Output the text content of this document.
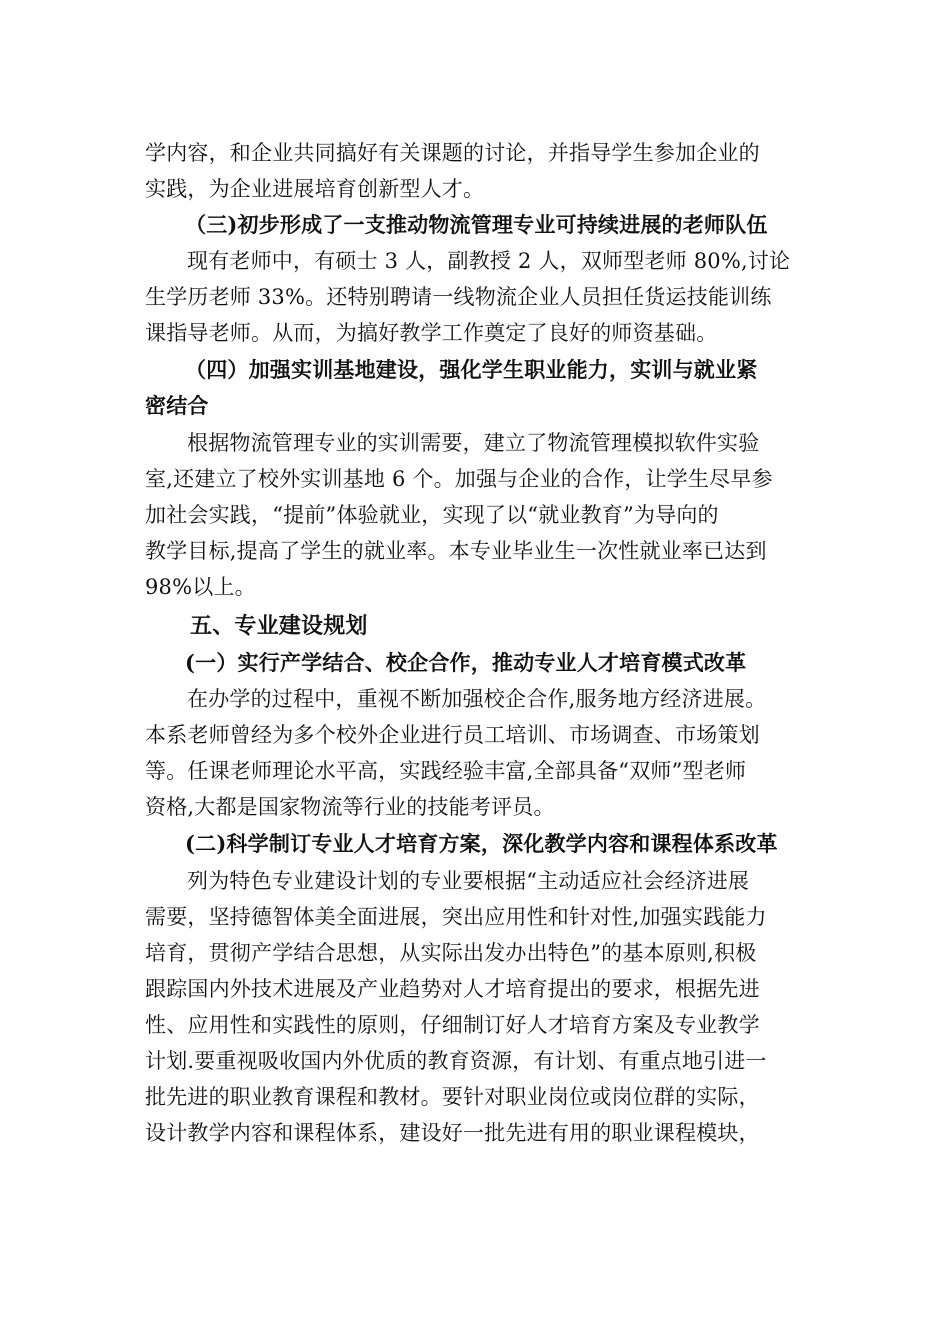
学内容，和企业共同搞好有关课题的讨论，并指导学生参加企业的
实践，为企业进展培育创新型人才。
（三)初步形成了一支推动物流管理专业可持续进展的老师队伍
现有老师中，有硕士 3 人，副教授 2 人，双师型老师 80%,讨论
生学历老师 33%。还特别聘请一线物流企业人员担任货运技能训练
课指导老师。从而，为搞好教学工作奠定了良好的师资基础。
（四）加强实训基地建设，强化学生职业能力，实训与就业紧
密结合
根据物流管理专业的实训需要，建立了物流管理模拟软件实验
室,还建立了校外实训基地 6 个。加强与企业的合作，让学生尽早参
加社会实践，“提前”体验就业，实现了以“就业教育”为导向的
教学目标,提高了学生的就业率。本专业毕业生一次性就业率已达到
98%以上。
五、专业建设规划
(一）实行产学结合、校企合作，推动专业人才培育模式改革
在办学的过程中，重视不断加强校企合作,服务地方经济进展。
本系老师曾经为多个校外企业进行员工培训、市场调查、市场策划
等。任课老师理论水平高，实践经验丰富,全部具备“双师”型老师
资格,大都是国家物流等行业的技能考评员。
(二)科学制订专业人才培育方案，深化教学内容和课程体系改革
列为特色专业建设计划的专业要根据“主动适应社会经济进展
需要，坚持德智体美全面进展，突出应用性和针对性,加强实践能力
培育，贯彻产学结合思想，从实际出发办出特色”的基本原则,积极
跟踪国内外技术进展及产业趋势对人才培育提出的要求，根据先进
性、应用性和实践性的原则，仔细制订好人才培育方案及专业教学
计划.要重视吸收国内外优质的教育资源，有计划、有重点地引进一
批先进的职业教育课程和教材。要针对职业岗位或岗位群的实际，
设计教学内容和课程体系，建设好一批先进有用的职业课程模块，
